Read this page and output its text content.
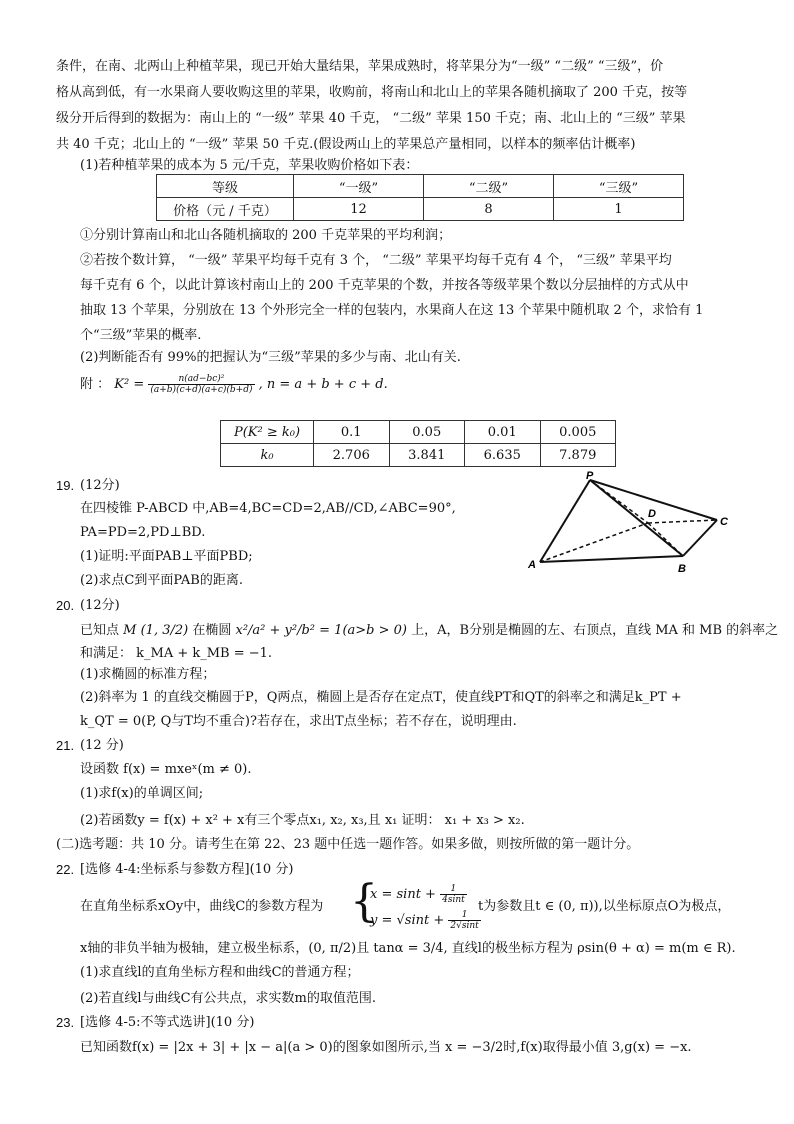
条件，在南、北两山上种植苹果，现已开始大量结果，苹果成熟时，将苹果分为“一级” “二级” “三级”，价
格从高到低，有一水果商人要收购这里的苹果，收购前，将南山和北山上的苹果各随机摘取了 200 千克，按等
级分开后得到的数据为：南山上的 “一级” 苹果 40 千克， “二级” 苹果 150 千克；南、北山上的 “三级” 苹果
共 40 千克；北山上的 “一级” 苹果 50 千克.(假设两山上的苹果总产量相同，以样本的频率估计概率)
(1)若种植苹果的成本为 5 元/千克，苹果收购价格如下表：
等级	“一级”	“二级”	“三级”
价格（元 / 千克）	12	8	1
①分别计算南山和北山各随机摘取的 200 千克苹果的平均利润；
②若按个数计算， “一级” 苹果平均每千克有 3 个， “二级” 苹果平均每千克有 4 个， “三级” 苹果平均
每千克有 6 个，以此计算该村南山上的 200 千克苹果的个数，并按各等级苹果个数以分层抽样的方式从中
抽取 13 个苹果，分别放在 13 个外形完全一样的包装内，水果商人在这 13 个苹果中随机取 2 个，求恰有 1
个“三级”苹果的概率.
(2)判断能否有 99%的把握认为“三级”苹果的多少与南、北山有关.
附 ： $K^2 = \frac{\text{n(ad−bc)²}}{(a+b)(c+d)(a+c)(b+d)}$ , n = a + b + c + d.
P(K² ≥ k₀)	0.1	0.05	0.01	0.005
k₀	2.706	3.841	6.635	7.879
19. (12分)
在四棱锥 P-ABCD 中,AB=4,BC=CD=2,AB//CD,∠ABC=90°,
PA=PD=2,PD⊥BD.
(1)证明:平面PAB⊥平面PBD;
(2)求点C到平面PAB的距离.
P
D
C
A	B
20. (12分)
已知点 M (1, 3/2) 在椭圆 x²/a² + y²/b² = 1(a>b > 0) 上，A，B分别是椭圆的左、右顶点，直线 MA 和 MB 的斜率之
和满足： k_MA + k_MB = −1.
(1)求椭圆的标准方程；
(2)斜率为 1 的直线交椭圆于P，Q两点，椭圆上是否存在定点T，使直线PT和QT的斜率之和满足k_PT +
k_QT = 0(P, Q与T均不重合)?若存在，求出T点坐标；若不存在，说明理由.
21. (12 分)
设函数 f(x) = mxeˣ(m ≠ 0).
(1)求f(x)的单调区间;
(2)若函数y = f(x) + x² + x有三个零点x₁, x₂, x₃,且 x₁ 证明： x₁ + x₃ > x₂.
(二)选考题：共 10 分。请考生在第 22、23 题中任选一题作答。如果多做，则按所做的第一题计分。
22. [选修 4-4:坐标系与参数方程](10 分)
在直角坐标系xOy中，曲线C的参数方程为 {
$x = \sin t + \frac{1}{4\sin t}$
$y = √\sin t + \frac{1}{2√\sin t}$
t为参数且t ∈ (0, π)),以坐标原点O为极点，
x轴的非负半轴为极轴，建立极坐标系，(0, π/2)且 tanα = 3/4, 直线l的极坐标方程为 ρsin(θ + α) = m(m ∈ R).
(1)求直线l的直角坐标方程和曲线C的普通方程；
(2)若直线l与曲线C有公共点，求实数m的取值范围.
23. [选修 4-5:不等式选讲](10 分)
已知函数f(x) = |2x + 3| + |x − a|(a > 0)的图象如图所示,当 x = −3/2时,f(x)取得最小值 3,g(x) = −x.
